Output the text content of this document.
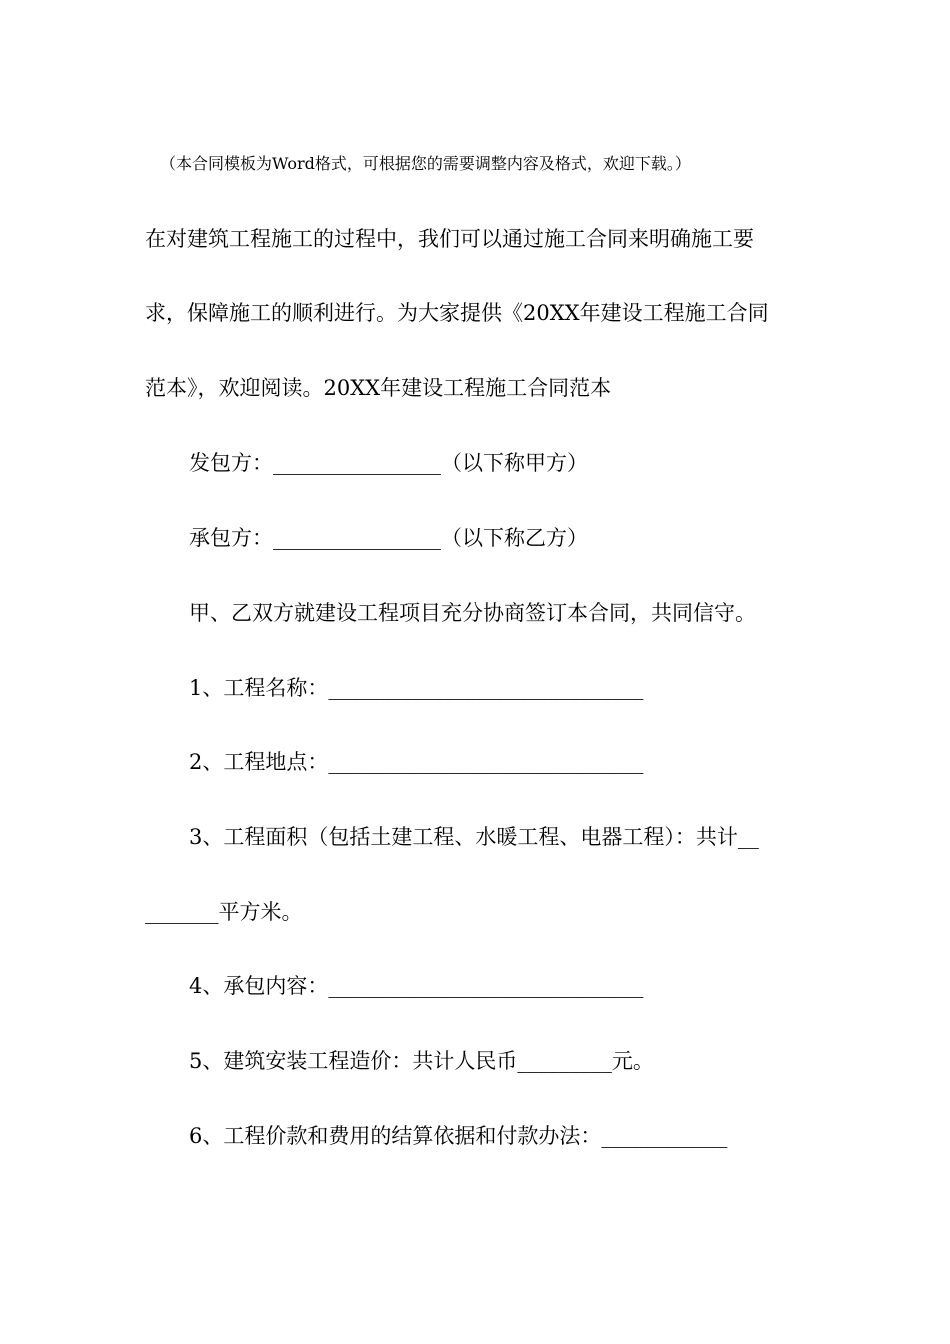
（本合同模板为Word格式，可根据您的需要调整内容及格式，欢迎下载。）
在对建筑工程施工的过程中，我们可以通过施工合同来明确施工要
求，保障施工的顺利进行。为大家提供《20XX年建设工程施工合同
范本》，欢迎阅读。20XX年建设工程施工合同范本
发包方：________________（以下称甲方）
承包方：________________（以下称乙方）
甲、乙双方就建设工程项目充分协商签订本合同，共同信守。
1、工程名称：______________________________
2、工程地点：______________________________
3、工程面积（包括土建工程、水暖工程、电器工程）：共计__
_______平方米。
4、承包内容：______________________________
5、建筑安装工程造价：共计人民币_________元。
6、工程价款和费用的结算依据和付款办法：____________
